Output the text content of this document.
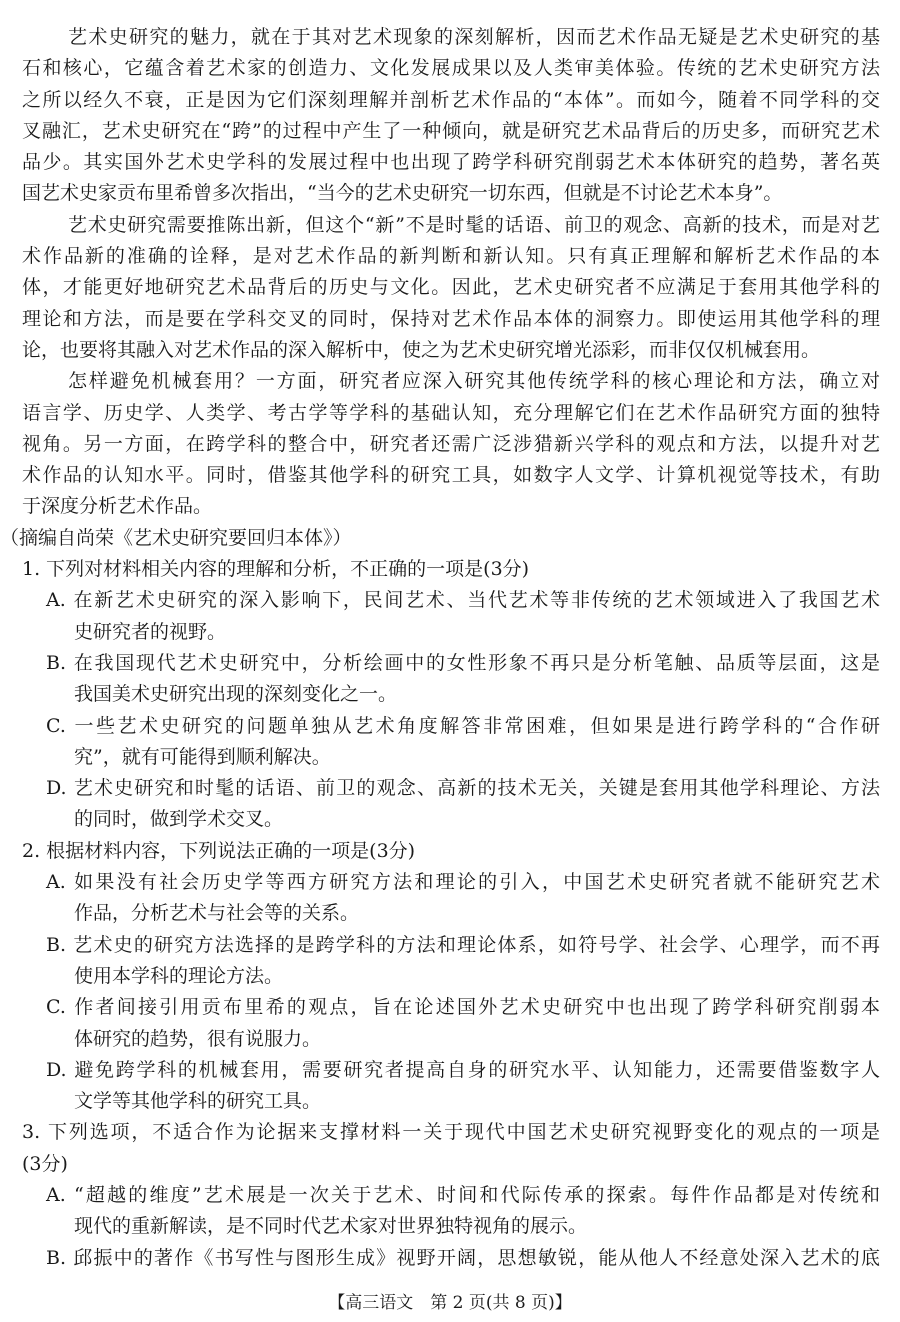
艺术史研究的魅力，就在于其对艺术现象的深刻解析，因而艺术作品无疑是艺术史研究的基
石和核心，它蕴含着艺术家的创造力、文化发展成果以及人类审美体验。传统的艺术史研究方法
之所以经久不衰，正是因为它们深刻理解并剖析艺术作品的“本体”。而如今，随着不同学科的交
叉融汇，艺术史研究在“跨”的过程中产生了一种倾向，就是研究艺术品背后的历史多，而研究艺术
品少。其实国外艺术史学科的发展过程中也出现了跨学科研究削弱艺术本体研究的趋势，著名英
国艺术史家贡布里希曾多次指出，“当今的艺术史研究一切东西，但就是不讨论艺术本身”。
艺术史研究需要推陈出新，但这个“新”不是时髦的话语、前卫的观念、高新的技术，而是对艺
术作品新的准确的诠释，是对艺术作品的新判断和新认知。只有真正理解和解析艺术作品的本
体，才能更好地研究艺术品背后的历史与文化。因此，艺术史研究者不应满足于套用其他学科的
理论和方法，而是要在学科交叉的同时，保持对艺术作品本体的洞察力。即使运用其他学科的理
论，也要将其融入对艺术作品的深入解析中，使之为艺术史研究增光添彩，而非仅仅机械套用。
怎样避免机械套用？一方面，研究者应深入研究其他传统学科的核心理论和方法，确立对
语言学、历史学、人类学、考古学等学科的基础认知，充分理解它们在艺术作品研究方面的独特
视角。另一方面，在跨学科的整合中，研究者还需广泛涉猎新兴学科的观点和方法，以提升对艺
术作品的认知水平。同时，借鉴其他学科的研究工具，如数字人文学、计算机视觉等技术，有助
于深度分析艺术作品。
（摘编自尚荣《艺术史研究要回归本体》）
1. 下列对材料相关内容的理解和分析，不正确的一项是(3分)
A. 在新艺术史研究的深入影响下，民间艺术、当代艺术等非传统的艺术领域进入了我国艺术
史研究者的视野。
B. 在我国现代艺术史研究中，分析绘画中的女性形象不再只是分析笔触、品质等层面，这是
我国美术史研究出现的深刻变化之一。
C. 一些艺术史研究的问题单独从艺术角度解答非常困难，但如果是进行跨学科的“合作研
究”，就有可能得到顺利解决。
D. 艺术史研究和时髦的话语、前卫的观念、高新的技术无关，关键是套用其他学科理论、方法
的同时，做到学术交叉。
2. 根据材料内容，下列说法正确的一项是(3分)
A. 如果没有社会历史学等西方研究方法和理论的引入，中国艺术史研究者就不能研究艺术
作品，分析艺术与社会等的关系。
B. 艺术史的研究方法选择的是跨学科的方法和理论体系，如符号学、社会学、心理学，而不再
使用本学科的理论方法。
C. 作者间接引用贡布里希的观点，旨在论述国外艺术史研究中也出现了跨学科研究削弱本
体研究的趋势，很有说服力。
D. 避免跨学科的机械套用，需要研究者提高自身的研究水平、认知能力，还需要借鉴数字人
文学等其他学科的研究工具。
3. 下列选项，不适合作为论据来支撑材料一关于现代中国艺术史研究视野变化的观点的一项是
(3分)
A. “超越的维度”艺术展是一次关于艺术、时间和代际传承的探索。每件作品都是对传统和
现代的重新解读，是不同时代艺术家对世界独特视角的展示。
B. 邱振中的著作《书写性与图形生成》视野开阔，思想敏锐，能从他人不经意处深入艺术的底
【高三语文　第 2 页(共 8 页)】
